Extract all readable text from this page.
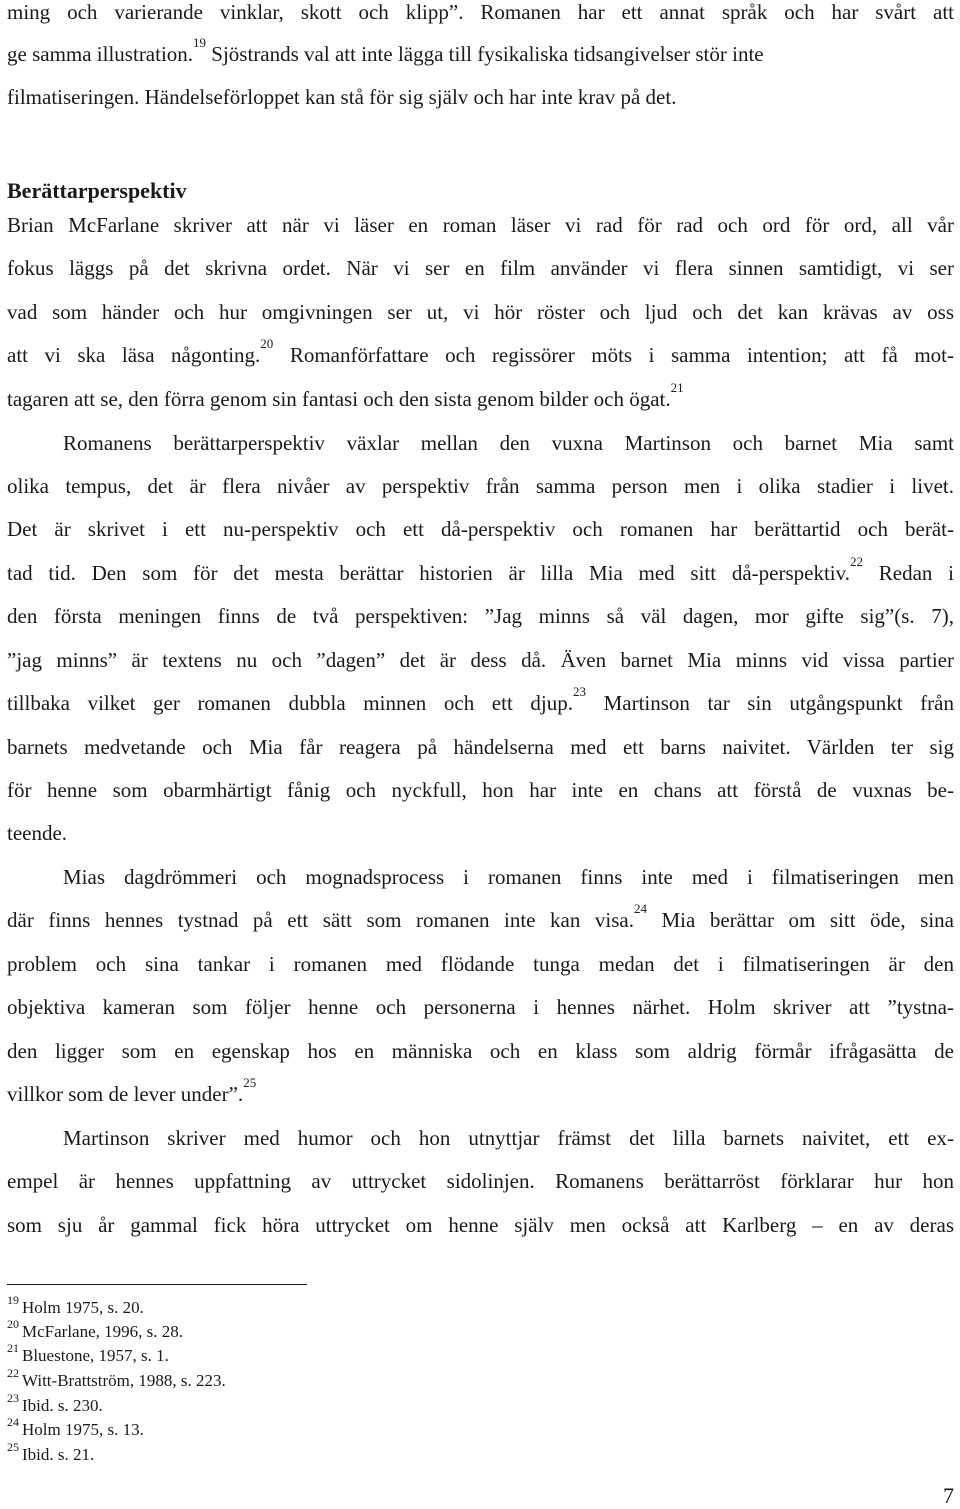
ming och varierande vinklar, skott och klipp”. Romanen har ett annat språk och har svårt att
ge samma illustration.$^{19}$ Sjöstrands val att inte lägga till fysikaliska tidsangivelser stör inte
filmatiseringen. Händelseförloppet kan stå för sig själv och har inte krav på det.
Berättarperspektiv
Brian McFarlane skriver att när vi läser en roman läser vi rad för rad och ord för ord, all vår
fokus läggs på det skrivna ordet. När vi ser en film använder vi flera sinnen samtidigt, vi ser
vad som händer och hur omgivningen ser ut, vi hör röster och ljud och det kan krävas av oss
att vi ska läsa någonting.$^{20}$ Romanförfattare och regissörer möts i samma intention; att få mot-
tagaren att se, den förra genom sin fantasi och den sista genom bilder och ögat.$^{21}$
Romanens berättarperspektiv växlar mellan den vuxna Martinson och barnet Mia samt
olika tempus, det är flera nivåer av perspektiv från samma person men i olika stadier i livet.
Det är skrivet i ett nu-perspektiv och ett då-perspektiv och romanen har berättartid och berät-
tad tid. Den som för det mesta berättar historien är lilla Mia med sitt då-perspektiv.$^{22}$ Redan i
den första meningen finns de två perspektiven: ”Jag minns så väl dagen, mor gifte sig”(s. 7),
”jag minns” är textens nu och ”dagen” det är dess då. Även barnet Mia minns vid vissa partier
tillbaka vilket ger romanen dubbla minnen och ett djup.$^{23}$ Martinson tar sin utgångspunkt från
barnets medvetande och Mia får reagera på händelserna med ett barns naivitet. Världen ter sig
för henne som obarmhärtigt fånig och nyckfull, hon har inte en chans att förstå de vuxnas be-
teende.
Mias dagdrömmeri och mognadsprocess i romanen finns inte med i filmatiseringen men
där finns hennes tystnad på ett sätt som romanen inte kan visa.$^{24}$ Mia berättar om sitt öde, sina
problem och sina tankar i romanen med flödande tunga medan det i filmatiseringen är den
objektiva kameran som följer henne och personerna i hennes närhet. Holm skriver att ”tystna-
den ligger som en egenskap hos en människa och en klass som aldrig förmår ifrågasätta de
villkor som de lever under”.$^{25}$
Martinson skriver med humor och hon utnyttjar främst det lilla barnets naivitet, ett ex-
empel är hennes uppfattning av uttrycket sidolinjen. Romanens berättarröst förklarar hur hon
som sju år gammal fick höra uttrycket om henne själv men också att Karlberg – en av deras
$^{19}$ Holm 1975, s. 20.
$^{20}$ McFarlane, 1996, s. 28.
$^{21}$ Bluestone, 1957, s. 1.
$^{22}$ Witt-Brattström, 1988, s. 223.
$^{23}$ Ibid. s. 230.
$^{24}$ Holm 1975, s. 13.
$^{25}$ Ibid. s. 21.
7
